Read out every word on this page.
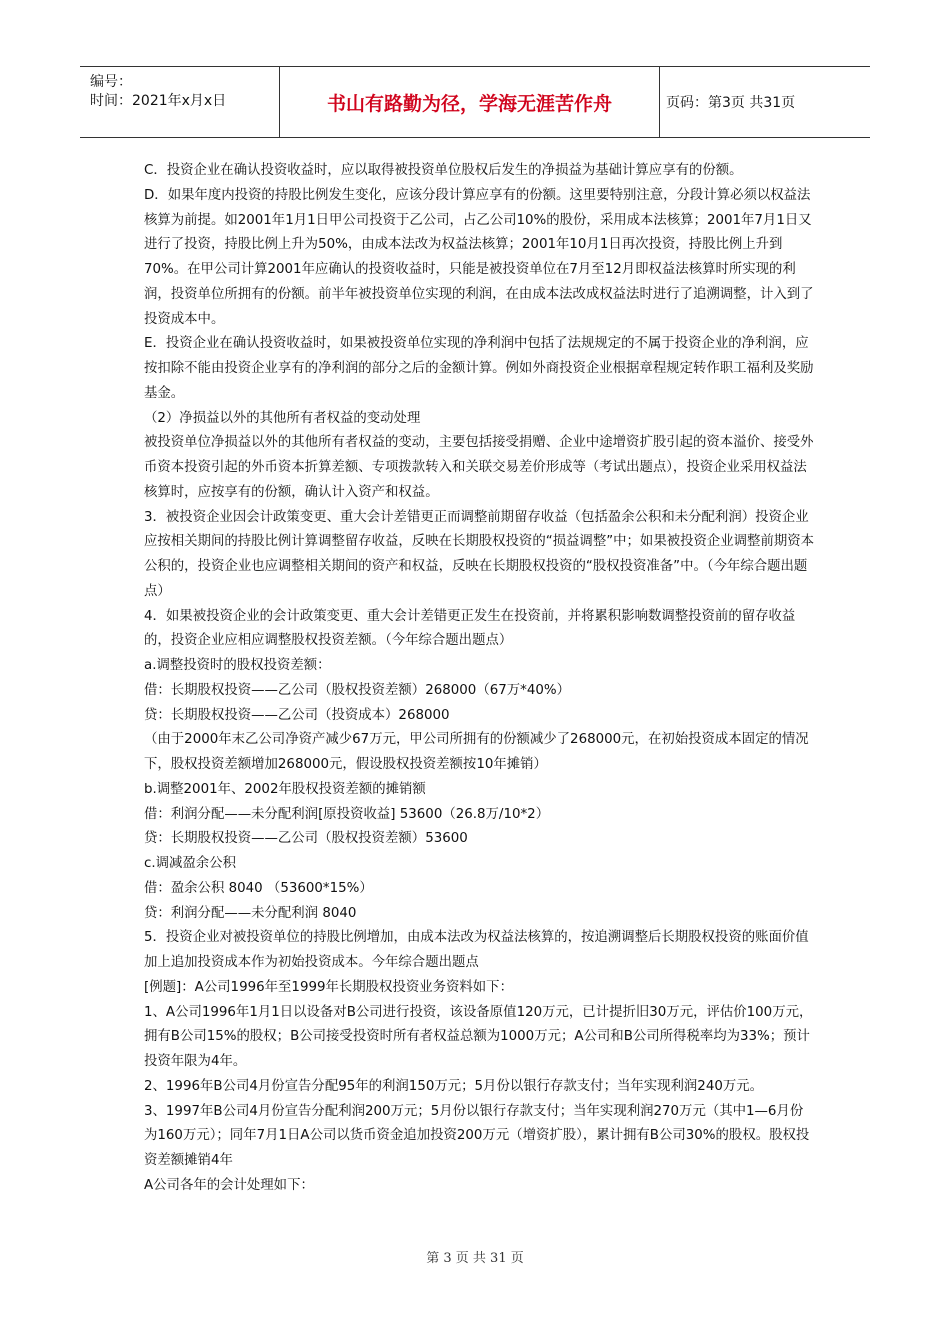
编号：
时间：2021年x月x日	书山有路勤为径，学海无涯苦作舟	页码：第3页 共31页

C．投资企业在确认投资收益时，应以取得被投资单位股权后发生的净损益为基础计算应享有的份额。

D．如果年度内投资的持股比例发生变化，应该分段计算应享有的份额。这里要特别注意，分段计算必须以权益法核算为前提。如2001年1月1日甲公司投资于乙公司，占乙公司10%的股份，采用成本法核算；2001年7月1日又进行了投资，持股比例上升为50%，由成本法改为权益法核算；2001年10月1日再次投资，持股比例上升到70%。在甲公司计算2001年应确认的投资收益时，只能是被投资单位在7月至12月即权益法核算时所实现的利润，投资单位所拥有的份额。前半年被投资单位实现的利润，在由成本法改成权益法时进行了追溯调整，计入到了投资成本中。

E．投资企业在确认投资收益时，如果被投资单位实现的净利润中包括了法规规定的不属于投资企业的净利润，应按扣除不能由投资企业享有的净利润的部分之后的金额计算。例如外商投资企业根据章程规定转作职工福利及奖励基金。

（2）净损益以外的其他所有者权益的变动处理

被投资单位净损益以外的其他所有者权益的变动，主要包括接受捐赠、企业中途增资扩股引起的资本溢价、接受外币资本投资引起的外币资本折算差额、专项拨款转入和关联交易差价形成等（考试出题点），投资企业采用权益法核算时，应按享有的份额，确认计入资产和权益。

3．被投资企业因会计政策变更、重大会计差错更正而调整前期留存收益（包括盈余公积和未分配利润）投资企业应按相关期间的持股比例计算调整留存收益，反映在长期股权投资的“损益调整”中；如果被投资企业调整前期资本公积的，投资企业也应调整相关期间的资产和权益，反映在长期股权投资的“股权投资准备”中。（今年综合题出题点）

4．如果被投资企业的会计政策变更、重大会计差错更正发生在投资前，并将累积影响数调整投资前的留存收益的，投资企业应相应调整股权投资差额。（今年综合题出题点）

a.调整投资时的股权投资差额：

借：长期股权投资——乙公司（股权投资差额）268000（67万*40%）

贷：长期股权投资——乙公司（投资成本）268000

（由于2000年末乙公司净资产减少67万元，甲公司所拥有的份额减少了268000元，在初始投资成本固定的情况下，股权投资差额增加268000元，假设股权投资差额按10年摊销）

b.调整2001年、2002年股权投资差额的摊销额

借：利润分配——未分配利润[原投资收益] 53600（26.8万/10*2）

贷：长期股权投资——乙公司（股权投资差额）53600

c.调减盈余公积

借：盈余公积 8040 （53600*15%）

贷：利润分配——未分配利润 8040

5．投资企业对被投资单位的持股比例增加，由成本法改为权益法核算的，按追溯调整后长期股权投资的账面价值加上追加投资成本作为初始投资成本。今年综合题出题点

[例题]：A公司1996年至1999年长期股权投资业务资料如下：

1、A公司1996年1月1日以设备对B公司进行投资，该设备原值120万元，已计提折旧30万元，评估价100万元，拥有B公司15%的股权；B公司接受投资时所有者权益总额为1000万元；A公司和B公司所得税率均为33%；预计投资年限为4年。

2、1996年B公司4月份宣告分配95年的利润150万元；5月份以银行存款支付；当年实现利润240万元。

3、1997年B公司4月份宣告分配利润200万元；5月份以银行存款支付；当年实现利润270万元（其中1—6月份为160万元）；同年7月1日A公司以货币资金追加投资200万元（增资扩股），累计拥有B公司30%的股权。股权投资差额摊销4年

A公司各年的会计处理如下：

第 3 页 共 31 页
